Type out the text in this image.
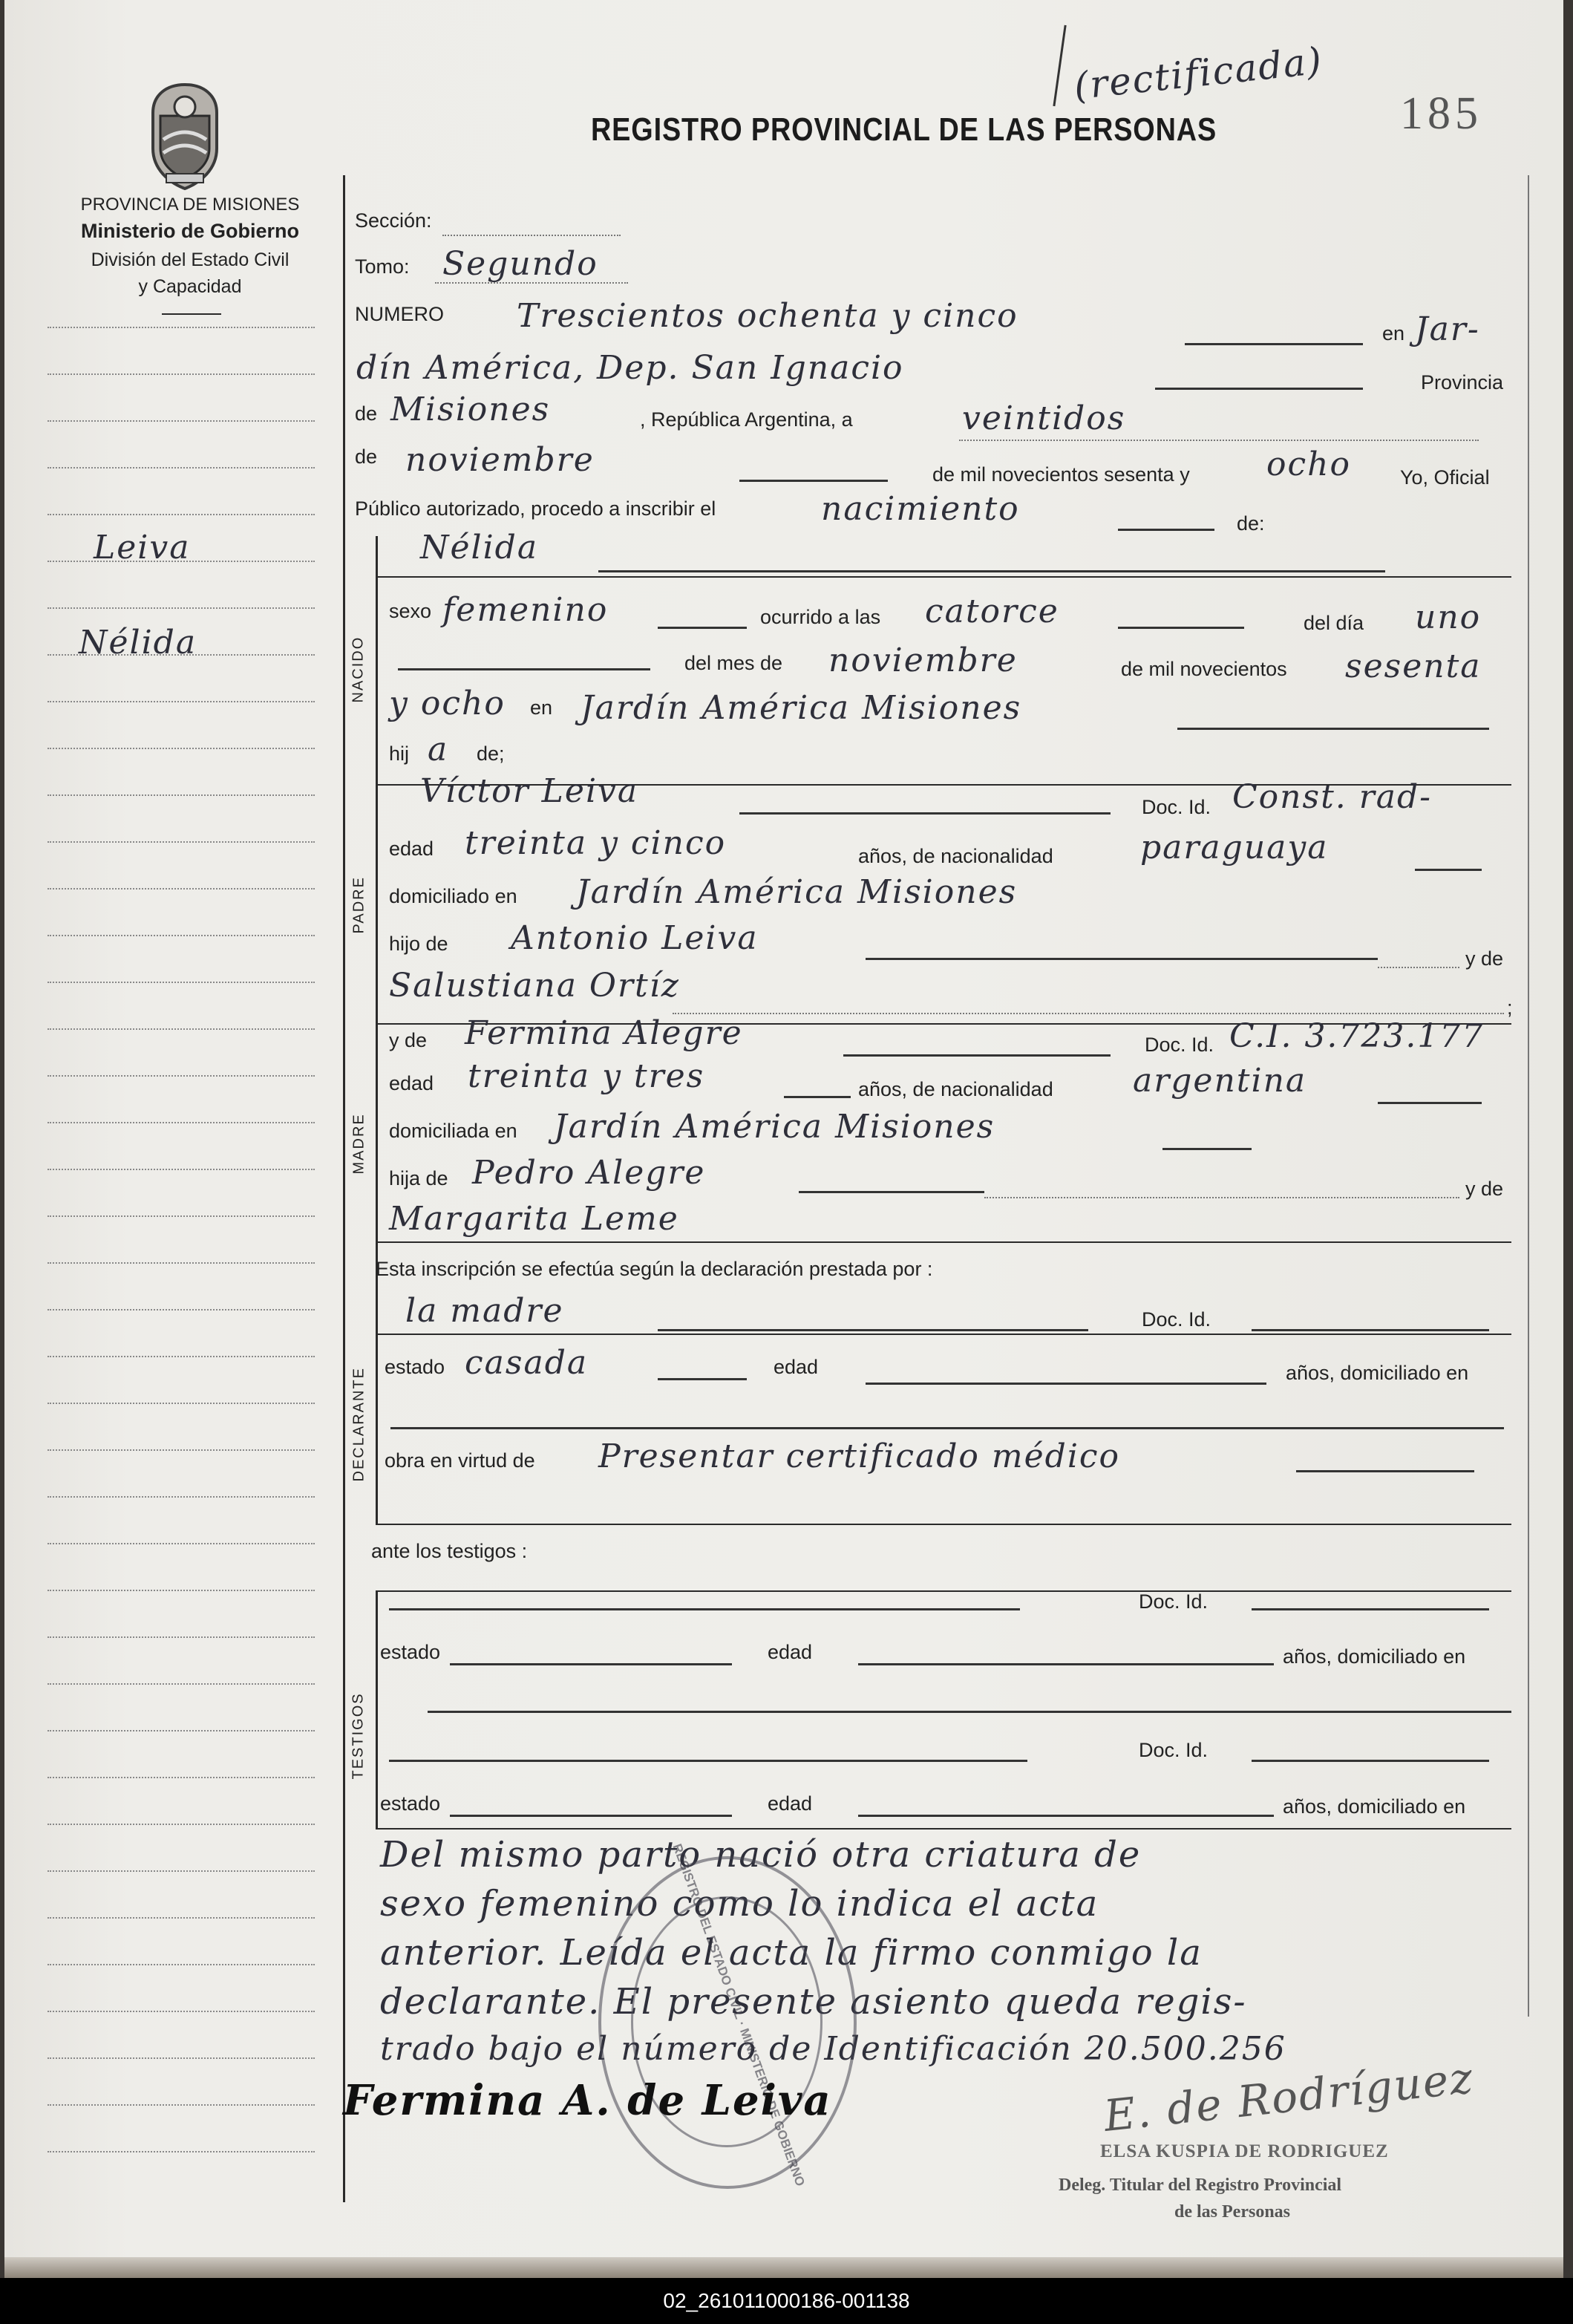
PROVINCIA DE MISIONES
Ministerio de Gobierno
División del Estado Civil
y Capacidad
REGISTRO PROVINCIAL DE LAS PERSONAS	185
(rectificada)
Leiva
Nélida	NACIDO
PADRE
MADRE
DECLARANTE
TESTIGOS
Sección:
Tomo: Segundo
NUMERO Trescientos ochenta y cinco	en Jar-
dín América, Dep. San Ignacio	Provincia
de Misiones	, República Argentina, a	veintidos
de noviembre	de mil novecientos sesenta y ocho Yo, Oficial
Público autorizado, procedo a inscribir el	nacimiento	de:
Nélida
sexo femenino	ocurrido a las catorce	del día uno
del mes de noviembre	de mil novecientos sesenta
y ocho en Jardín América Misiones
hij a de;
Víctor Leiva	Doc. Id. Const. rad-
edad treinta y cinco	años, de nacionalidad	paraguaya
domiciliado en Jardín América Misiones
hijo de Antonio Leiva
y de
Salustiana Ortíz
;
y de Fermina Alegre	Doc. Id. C.I. 3.723.177
edad treinta y tres	años, de nacionalidad argentina
domiciliada en Jardín América Misiones
hija de Pedro Alegre	y de
Margarita Leme
Esta inscripción se efectúa según la declaración prestada por :
la madre	Doc. Id.
estado casada	edad	años, domiciliado en
obra en virtud de Presentar certificado médico
ante los testigos :
Doc. Id.
estado	edad	años, domiciliado en
Doc. Id.
estado	edad	años, domiciliado en
Del mismo parto nació otra criatura de
sexo femenino como lo indica el acta
anterior. Leída el acta la firmo conmigo la
declarante. El presente asiento queda regis-
trado bajo el número de Identificación 20.500.256
REGISTRO DEL ESTADO CIVIL · MINISTERIO DE GOBIERNO
Fermina A. de Leiva	E. de Rodríguez
ELSA KUSPIA DE RODRIGUEZ
Deleg. Titular del Registro Provincial
de las Personas
02_261011000186-001138
